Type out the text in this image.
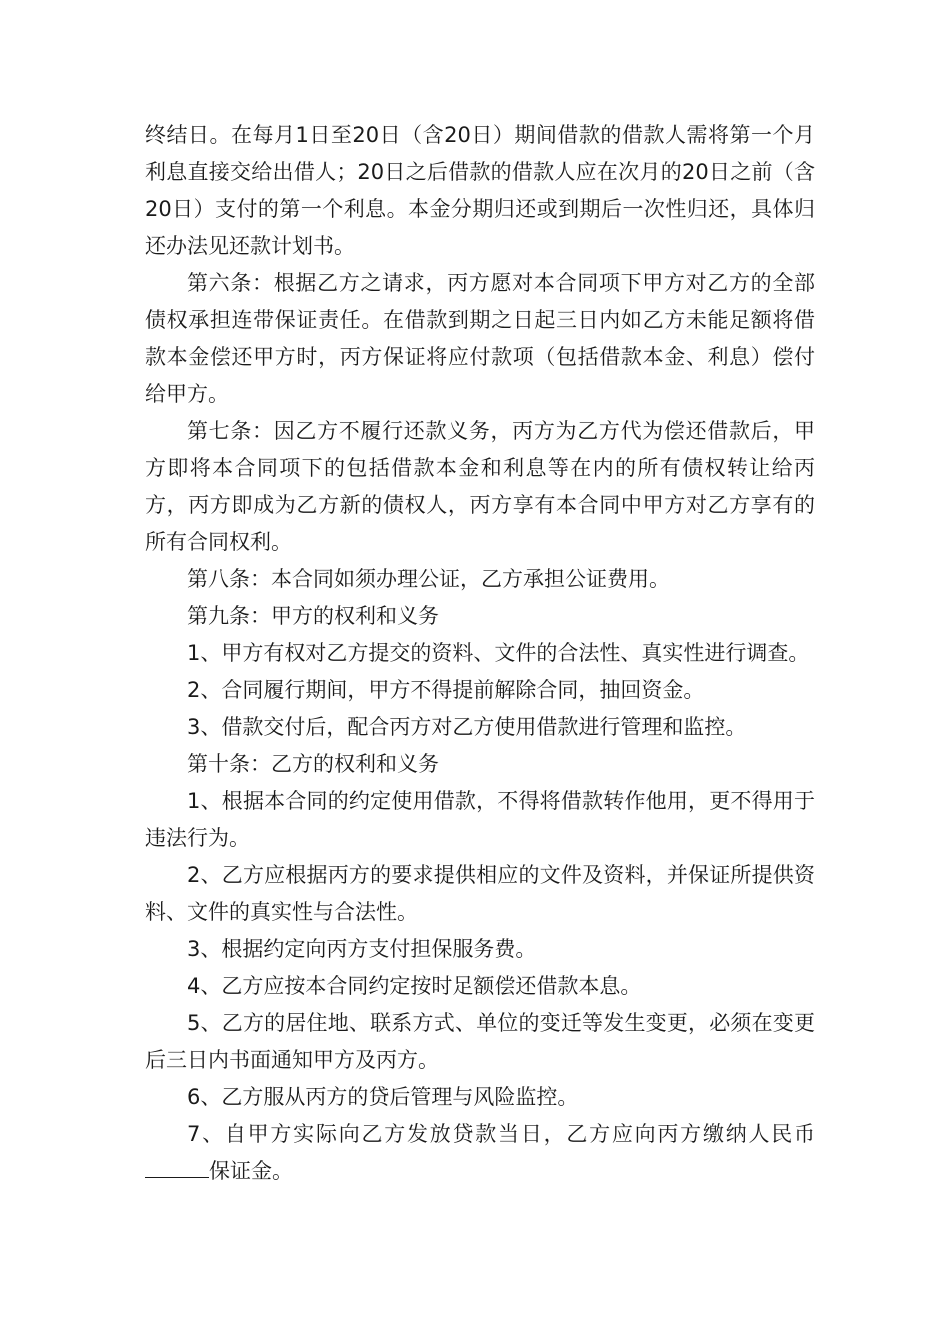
终结日。在每月1日至20日（含20日）期间借款的借款人需将第一个月利息直接交给出借人；20日之后借款的借款人应在次月的20日之前（含20日）支付的第一个利息。本金分期归还或到期后一次性归还，具体归还办法见还款计划书。

第六条：根据乙方之请求，丙方愿对本合同项下甲方对乙方的全部债权承担连带保证责任。在借款到期之日起三日内如乙方未能足额将借款本金偿还甲方时，丙方保证将应付款项（包括借款本金、利息）偿付给甲方。

第七条：因乙方不履行还款义务，丙方为乙方代为偿还借款后，甲方即将本合同项下的包括借款本金和利息等在内的所有债权转让给丙方，丙方即成为乙方新的债权人，丙方享有本合同中甲方对乙方享有的所有合同权利。

第八条：本合同如须办理公证，乙方承担公证费用。

第九条：甲方的权利和义务

1、甲方有权对乙方提交的资料、文件的合法性、真实性进行调查。

2、合同履行期间，甲方不得提前解除合同，抽回资金。

3、借款交付后，配合丙方对乙方使用借款进行管理和监控。

第十条：乙方的权利和义务

1、根据本合同的约定使用借款，不得将借款转作他用，更不得用于违法行为。

2、乙方应根据丙方的要求提供相应的文件及资料，并保证所提供资料、文件的真实性与合法性。

3、根据约定向丙方支付担保服务费。

4、乙方应按本合同约定按时足额偿还借款本息。

5、乙方的居住地、联系方式、单位的变迁等发生变更，必须在变更后三日内书面通知甲方及丙方。

6、乙方服从丙方的贷后管理与风险监控。

7、自甲方实际向乙方发放贷款当日，乙方应向丙方缴纳人民币保证金。
